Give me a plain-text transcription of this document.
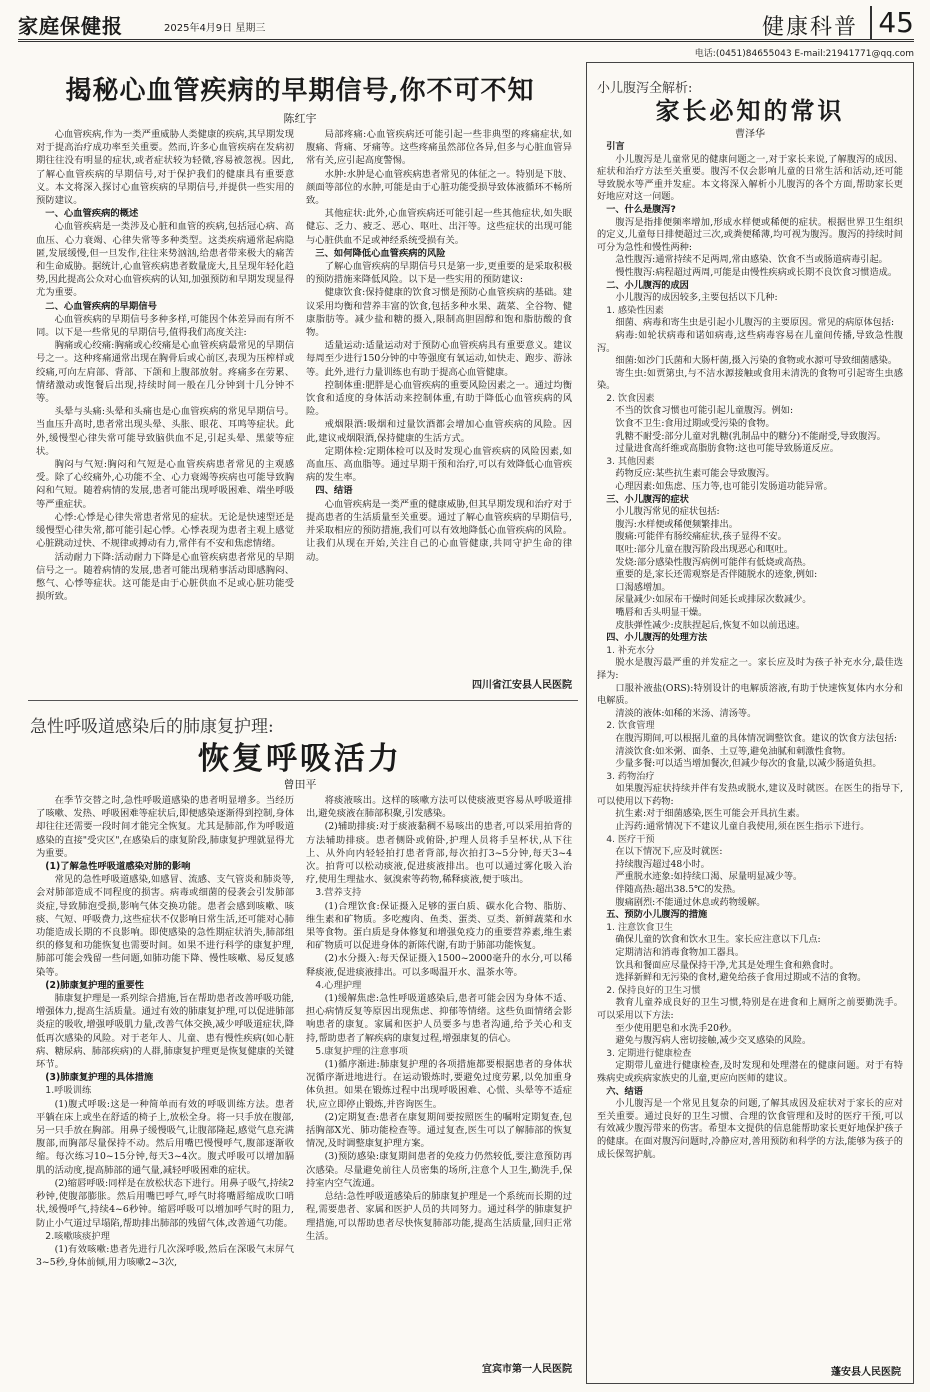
家庭保健报	2025年4月9日 星期三	健康科普 45
电话:(0451)84655043 E-mail:21941771@qq.com
揭秘心血管疾病的早期信号,你不可不知
陈红宇

心血管疾病,作为一类严重威胁人类健康的疾病,其早期发现对于提高治疗成功率至关重要。然而,许多心血管疾病在发病初期往往没有明显的症状,或者症状较为轻微,容易被忽视。因此,了解心血管疾病的早期信号,对于保护我们的健康具有重要意义。本文将深入探讨心血管疾病的早期信号,并提供一些实用的预防建议。

一、心血管疾病的概述

心血管疾病是一类涉及心脏和血管的疾病,包括冠心病、高血压、心力衰竭、心律失常等多种类型。这类疾病通常起病隐匿,发展缓慢,但一旦发作,往往来势汹汹,给患者带来极大的痛苦和生命威胁。据统计,心血管疾病患者数量庞大,且呈现年轻化趋势,因此提高公众对心血管疾病的认知,加强预防和早期发现显得尤为重要。

二、心血管疾病的早期信号

心血管疾病的早期信号多种多样,可能因个体差异而有所不同。以下是一些常见的早期信号,值得我们高度关注:

胸痛或心绞痛:胸痛或心绞痛是心血管疾病最常见的早期信号之一。这种疼痛通常出现在胸骨后或心前区,表现为压榨样或绞痛,可向左肩部、背部、下颌和上腹部放射。疼痛多在劳累、情绪激动或饱餐后出现,持续时间一般在几分钟到十几分钟不等。

头晕与头痛:头晕和头痛也是心血管疾病的常见早期信号。当血压升高时,患者常出现头晕、头胀、眼花、耳鸣等症状。此外,缓慢型心律失常可能导致脑供血不足,引起头晕、黑蒙等症状。

胸闷与气短:胸闷和气短是心血管疾病患者常见的主观感受。除了心绞痛外,心功能不全、心力衰竭等疾病也可能导致胸闷和气短。随着病情的发展,患者可能出现呼吸困难、端坐呼吸等严重症状。

心悸:心悸是心律失常患者常见的症状。无论是快速型还是缓慢型心律失常,都可能引起心悸。心悸表现为患者主观上感觉心脏跳动过快、不规律或搏动有力,常伴有不安和焦虑情绪。

活动耐力下降:活动耐力下降是心血管疾病患者常见的早期信号之一。随着病情的发展,患者可能出现稍事活动即感胸闷、憋气、心悸等症状。这可能是由于心脏供血不足或心脏功能受损所致。

局部疼痛:心血管疾病还可能引起一些非典型的疼痛症状,如腹痛、背痛、牙痛等。这些疼痛虽然部位各异,但多与心脏血管异常有关,应引起高度警惕。

水肿:水肿是心血管疾病患者常见的体征之一。特别是下肢、颜面等部位的水肿,可能是由于心脏功能受损导致体液循环不畅所致。

其他症状:此外,心血管疾病还可能引起一些其他症状,如失眠健忘、乏力、疲乏、恶心、呕吐、出汗等。这些症状的出现可能与心脏供血不足或神经系统受损有关。

三、如何降低心血管疾病的风险

了解心血管疾病的早期信号只是第一步,更重要的是采取积极的预防措施来降低风险。以下是一些实用的预防建议:

健康饮食:保持健康的饮食习惯是预防心血管疾病的基础。建议采用均衡和营养丰富的饮食,包括多种水果、蔬菜、全谷物、健康脂肪等。减少盐和糖的摄入,限制高胆固醇和饱和脂肪酸的食物。

适量运动:适量运动对于预防心血管疾病具有重要意义。建议每周至少进行150分钟的中等强度有氧运动,如快走、跑步、游泳等。此外,进行力量训练也有助于提高心血管健康。

控制体重:肥胖是心血管疾病的重要风险因素之一。通过均衡饮食和适度的身体活动来控制体重,有助于降低心血管疾病的风险。

戒烟限酒:吸烟和过量饮酒都会增加心血管疾病的风险。因此,建议戒烟限酒,保持健康的生活方式。

定期体检:定期体检可以及时发现心血管疾病的风险因素,如高血压、高血脂等。通过早期干预和治疗,可以有效降低心血管疾病的发生率。

四、结语

心血管疾病是一类严重的健康威胁,但其早期发现和治疗对于提高患者的生活质量至关重要。通过了解心血管疾病的早期信号,并采取相应的预防措施,我们可以有效地降低心血管疾病的风险。让我们从现在开始,关注自己的心血管健康,共同守护生命的律动。

四川省江安县人民医院
急性呼吸道感染后的肺康复护理:
恢复呼吸活力
曾田平

在季节交替之时,急性呼吸道感染的患者明显增多。当经历了咳嗽、发热、呼吸困难等症状后,即便感染逐渐得到控制,身体却往往还需要一段时间才能完全恢复。尤其是肺部,作为呼吸道感染的直接"受灾区",在感染后的康复阶段,肺康复护理就显得尤为重要。

(1)了解急性呼吸道感染对肺的影响

常见的急性呼吸道感染,如感冒、流感、支气管炎和肺炎等,会对肺部造成不同程度的损害。病毒或细菌的侵袭会引发肺部炎症,导致肺泡受损,影响气体交换功能。患者会感到咳嗽、咳痰、气短、呼吸费力,这些症状不仅影响日常生活,还可能对心肺功能造成长期的不良影响。即使感染的急性期症状消失,肺部组织的修复和功能恢复也需要时间。如果不进行科学的康复护理,肺部可能会残留一些问题,如肺功能下降、慢性咳嗽、易反复感染等。

(2)肺康复护理的重要性

肺康复护理是一系列综合措施,旨在帮助患者改善呼吸功能,增强体力,提高生活质量。通过有效的肺康复护理,可以促进肺部炎症的吸收,增强呼吸肌力量,改善气体交换,减少呼吸道症状,降低再次感染的风险。对于老年人、儿童、患有慢性疾病(如心脏病、糖尿病、肺部疾病)的人群,肺康复护理更是恢复健康的关键环节。

(3)肺康复护理的具体措施

1.呼吸训练

(1)腹式呼吸:这是一种简单而有效的呼吸训练方法。患者平躺在床上或坐在舒适的椅子上,放松全身。将一只手放在腹部,另一只手放在胸部。用鼻子缓慢吸气,让腹部隆起,感觉气息充满腹部,而胸部尽量保持不动。然后用嘴巴慢慢呼气,腹部逐渐收缩。每次练习10~15分钟,每天3~4次。腹式呼吸可以增加膈肌的活动度,提高肺部的通气量,减轻呼吸困难的症状。

(2)缩唇呼吸:同样是在放松状态下进行。用鼻子吸气,持续2秒钟,使腹部膨胀。然后用嘴巴呼气,呼气时将嘴唇缩成吹口哨状,缓慢呼气,持续4~6秒钟。缩唇呼吸可以增加呼气时的阻力,防止小气道过早塌陷,帮助排出肺部的残留气体,改善通气功能。

2.咳嗽咳痰护理

(1)有效咳嗽:患者先进行几次深呼吸,然后在深吸气末屏气3~5秒,身体前倾,用力咳嗽2~3次,

将痰液咳出。这样的咳嗽方法可以使痰液更容易从呼吸道排出,避免痰液在肺部积聚,引发感染。

(2)辅助排痰:对于痰液黏稠不易咳出的患者,可以采用拍背的方法辅助排痰。患者侧卧或俯卧,护理人员将手呈杯状,从下往上、从外向内轻轻拍打患者背部,每次拍打3~5分钟,每天3~4次。拍背可以松动痰液,促进痰液排出。也可以通过雾化吸入治疗,使用生理盐水、氨溴索等药物,稀释痰液,便于咳出。

3.营养支持

(1)合理饮食:保证摄入足够的蛋白质、碳水化合物、脂肪、维生素和矿物质。多吃瘦肉、鱼类、蛋类、豆类、新鲜蔬菜和水果等食物。蛋白质是身体修复和增强免疫力的重要营养素,维生素和矿物质可以促进身体的新陈代谢,有助于肺部功能恢复。

(2)水分摄入:每天保证摄入1500~2000毫升的水分,可以稀释痰液,促进痰液排出。可以多喝温开水、温茶水等。

4.心理护理

(1)缓解焦虑:急性呼吸道感染后,患者可能会因为身体不适、担心病情反复等原因出现焦虑、抑郁等情绪。这些负面情绪会影响患者的康复。家属和医护人员要多与患者沟通,给予关心和支持,帮助患者了解疾病的康复过程,增强康复的信心。

5.康复护理的注意事项

(1)循序渐进:肺康复护理的各项措施都要根据患者的身体状况循序渐进地进行。在运动锻炼时,要避免过度劳累,以免加重身体负担。如果在锻炼过程中出现呼吸困难、心慌、头晕等不适症状,应立即停止锻炼,并咨询医生。

(2)定期复查:患者在康复期间要按照医生的嘱咐定期复查,包括胸部X光、肺功能检查等。通过复查,医生可以了解肺部的恢复情况,及时调整康复护理方案。

(3)预防感染:康复期间患者的免疫力仍然较低,要注意预防再次感染。尽量避免前往人员密集的场所,注意个人卫生,勤洗手,保持室内空气流通。

总结:急性呼吸道感染后的肺康复护理是一个系统而长期的过程,需要患者、家属和医护人员的共同努力。通过科学的肺康复护理措施,可以帮助患者尽快恢复肺部功能,提高生活质量,回归正常生活。

宜宾市第一人民医院
小儿腹泻全解析:
家长必知的常识
曹泽华

引言

小儿腹泻是儿童常见的健康问题之一,对于家长来说,了解腹泻的成因、症状和治疗方法至关重要。腹泻不仅会影响儿童的日常生活和活动,还可能导致脱水等严重并发症。本文将深入解析小儿腹泻的各个方面,帮助家长更好地应对这一问题。

一、什么是腹泻?

腹泻是指排便频率增加,形成水样便或稀便的症状。根据世界卫生组织的定义,儿童每日排便超过三次,或粪便稀薄,均可视为腹泻。腹泻的持续时间可分为急性和慢性两种:

急性腹泻:通常持续不足两周,常由感染、饮食不当或肠道病毒引起。

慢性腹泻:病程超过两周,可能是由慢性疾病或长期不良饮食习惯造成。

二、小儿腹泻的成因

小儿腹泻的成因较多,主要包括以下几种:

1. 感染性因素

细菌、病毒和寄生虫是引起小儿腹泻的主要原因。常见的病原体包括:

病毒:如轮状病毒和诺如病毒,这些病毒容易在儿童间传播,导致急性腹泻。

细菌:如沙门氏菌和大肠杆菌,摄入污染的食物或水源可导致细菌感染。

寄生虫:如贾第虫,与不洁水源接触或食用未清洗的食物可引起寄生虫感染。

2. 饮食因素

不当的饮食习惯也可能引起儿童腹泻。例如:

饮食不卫生:食用过期或受污染的食物。

乳糖不耐受:部分儿童对乳糖(乳制品中的糖分)不能耐受,导致腹泻。

过量进食高纤维或高脂肪食物:这也可能导致肠道反应。

3. 其他因素

药物反应:某些抗生素可能会导致腹泻。

心理因素:如焦虑、压力等,也可能引发肠道功能异常。

三、小儿腹泻的症状

小儿腹泻常见的症状包括:

腹泻:水样便或稀便频繁排出。

腹痛:可能伴有肠绞痛症状,孩子显得不安。

呕吐:部分儿童在腹泻阶段出现恶心和呕吐。

发烧:部分感染性腹泻病例可能伴有低烧或高热。

重要的是,家长还需观察是否伴随脱水的迹象,例如:

口渴感增加。

尿量减少:如尿布干燥时间延长或排尿次数减少。

嘴唇和舌头明显干燥。

皮肤弹性减少:皮肤捏起后,恢复不如以前迅速。

四、小儿腹泻的处理方法

1. 补充水分

脱水是腹泻最严重的并发症之一。家长应及时为孩子补充水分,最佳选择为:

口服补液盐(ORS):特别设计的电解质溶液,有助于快速恢复体内水分和电解质。

清淡的液体:如稀的米汤、清汤等。

2. 饮食管理

在腹泻期间,可以根据儿童的具体情况调整饮食。建议的饮食方法包括:

清淡饮食:如米粥、面条、土豆等,避免油腻和刺激性食物。

少量多餐:可以适当增加餐次,但减少每次的食量,以减少肠道负担。

3. 药物治疗

如果腹泻症状持续并伴有发热或脱水,建议及时就医。在医生的指导下,可以使用以下药物:

抗生素:对于细菌感染,医生可能会开具抗生素。

止泻药:通常情况下不建议儿童自我使用,须在医生指示下进行。

4. 医疗干预

在以下情况下,应及时就医:

持续腹泻超过48小时。

严重脱水迹象:如持续口渴、尿量明显减少等。

伴随高热:超出38.5℃的发热。

腹痛剧烈:不能通过休息或药物缓解。

五、预防小儿腹泻的措施

1. 注意饮食卫生

确保儿童的饮食和饮水卫生。家长应注意以下几点:

定期清洁和消毒食物加工器具。

饮具和餐面应尽量保持干净,尤其是处理生食和熟食时。

选择新鲜和无污染的食材,避免给孩子食用过期或不洁的食物。

2. 保持良好的卫生习惯

教育儿童养成良好的卫生习惯,特别是在进食和上厕所之前要勤洗手。可以采用以下方法:

至少使用肥皂和水洗手20秒。

避免与腹泻病人密切接触,减少交叉感染的风险。

3. 定期进行健康检查

定期带儿童进行健康检查,及时发现和处理潜在的健康问题。对于有特殊病史或疾病家族史的儿童,更应向医师的建议。

六、结语

小儿腹泻是一个常见且复杂的问题,了解其成因及症状对于家长的应对至关重要。通过良好的卫生习惯、合理的饮食管理和及时的医疗干预,可以有效减少腹泻带来的伤害。希望本文提供的信息能帮助家长更好地保护孩子的健康。在面对腹泻问题时,冷静应对,善用预防和科学的方法,能够为孩子的成长保驾护航。

蓬安县人民医院
